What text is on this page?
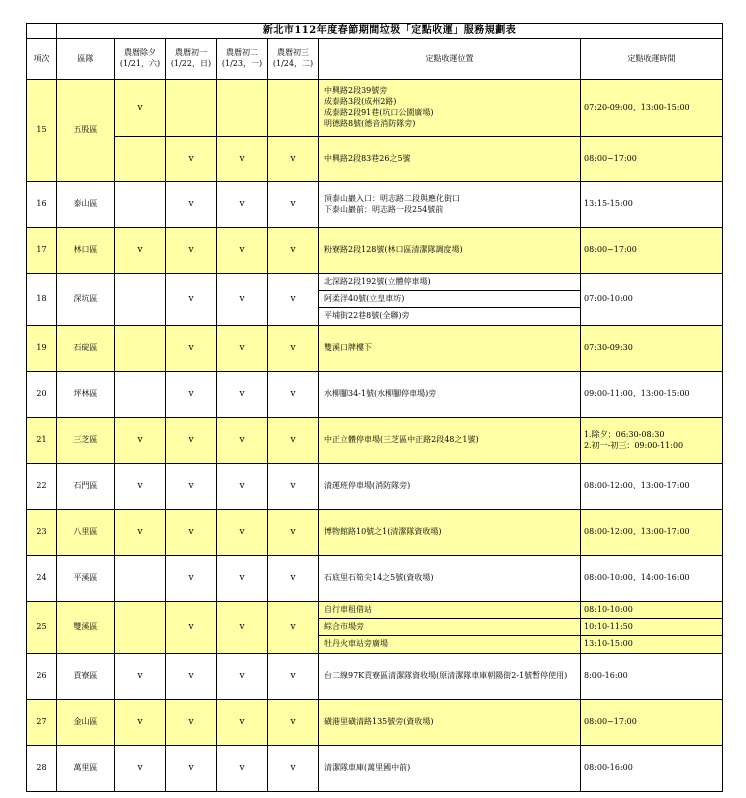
	新北市112年度春節期間垃圾「定點收運」服務規劃表						
項次	區隊	農曆除夕(1/21，六)	農曆初一(1/22，日)	農曆初二(1/23，一)	農曆初三(1/24，二)	定點收運位置	定點收運時間
15	五股區	v				中興路2段39號旁
成泰路3段(成州2路)
成泰路2段91巷(坑口公園廣場)
明德路8號(德音消防隊旁)	07:20-09:00、13:00-15:00
			v	v	v	中興路2段83巷26之5號	08:00~17:00
16	泰山區		v	v	v	頂泰山巖入口：明志路二段與應化街口
下泰山巖前：明志路一段254號前	13:15-15:00
17	林口區	v	v	v	v	粉寮路2段128號(林口區清潔隊調度場)	08:00~17:00
18	深坑區		v	v	v	北深路2段192號(立體停車場)	07:00-10:00
						阿柔洋40號(立皇車坊)	
						平埔街22巷8號(全聯)旁	
19	石碇區		v	v	v	雙溪口牌樓下	07:30-09:30
20	坪林區		v	v	v	水柳腳34-1號(水柳腳停車場)旁	09:00-11:00、13:00-15:00
21	三芝區	v	v	v	v	中正立體停車場(三芝區中正路2段48之1號)	1.除夕：06:30-08:30
2.初一-初三：09:00-11:00

22	石門區	v	v	v	v	清運班停車場(消防隊旁)	08:00-12:00、13:00-17:00
23	八里區	v	v	v	v	博物館路10號之1(清潔隊資收場)	08:00-12:00、13:00-17:00
24	平溪區		v	v	v	石底里石筍尖14之5號(資收場)	08:00-10:00、14:00-16:00
25	雙溪區		v	v	v	自行車租借站	08:10-10:00
						綜合市場旁	10:10-11:50
						牡丹火車站旁廣場	13:10-15:00
26	貢寮區	v	v	v	v	台二線97K貢寮區清潔隊資收場(原清潔隊車庫朝陽街2-1號暫停使用)	8:00-16:00
27	金山區	v	v	v	v	磺港里磺清路135號旁(資收場)	08:00~17:00
28	萬里區	v	v	v	v	清潔隊車庫(萬里國中前)	08:00-16:00
